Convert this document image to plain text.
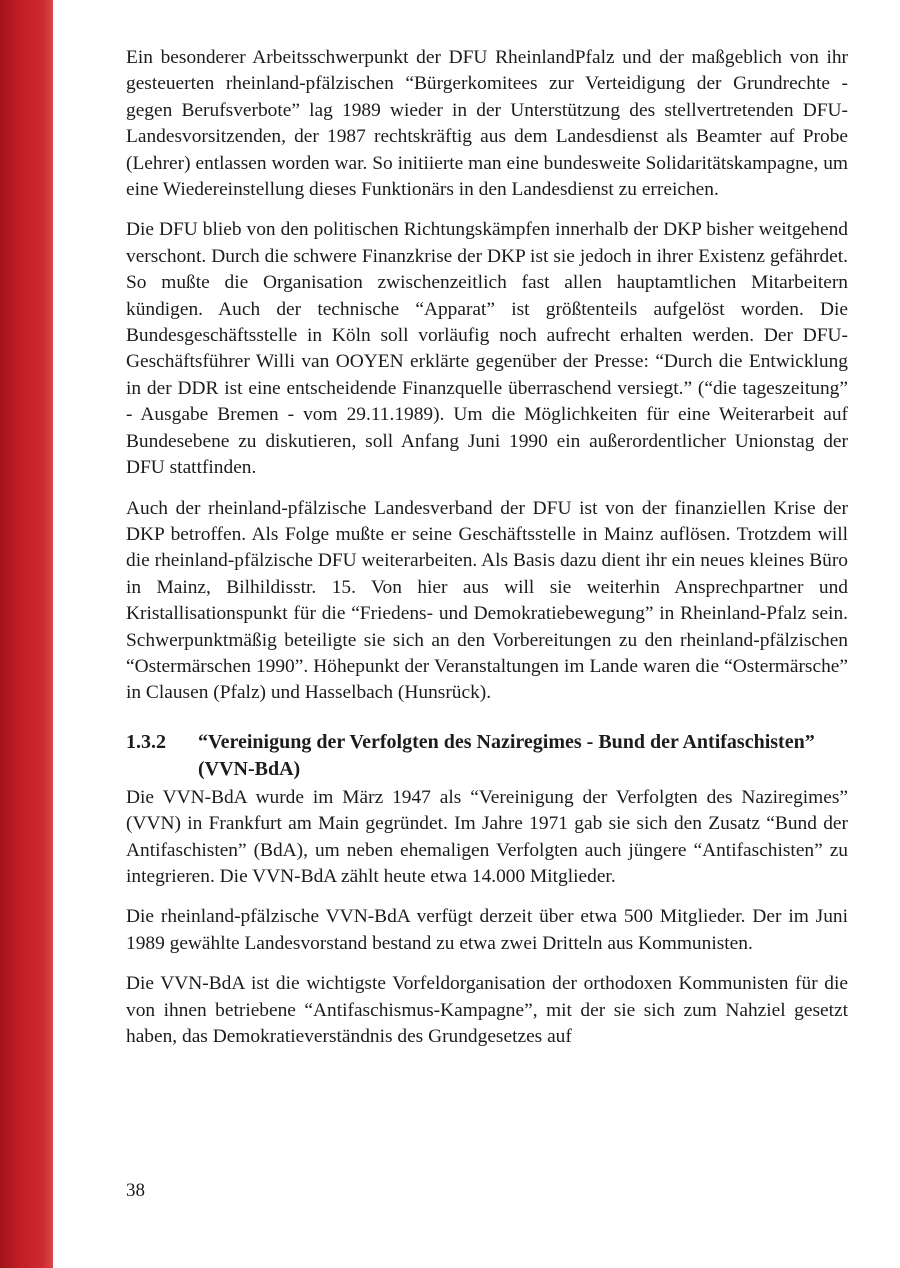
Ein besonderer Arbeitsschwerpunkt der DFU RheinlandPfalz und der maßgeblich von ihr gesteuerten rheinland-pfälzischen “Bürgerkomitees zur Verteidigung der Grundrechte - gegen Berufsverbote” lag 1989 wieder in der Unterstützung des stellvertretenden DFU-Landesvorsitzenden, der 1987 rechtskräftig aus dem Landesdienst als Beamter auf Probe (Lehrer) entlassen worden war. So initiierte man eine bundesweite Solidaritätskampagne, um eine Wiedereinstellung dieses Funktionärs in den Landesdienst zu erreichen.

Die DFU blieb von den politischen Richtungskämpfen innerhalb der DKP bisher weitgehend verschont. Durch die schwere Finanzkrise der DKP ist sie jedoch in ihrer Existenz gefährdet. So mußte die Organisation zwischenzeitlich fast allen hauptamtlichen Mitarbeitern kündigen. Auch der technische “Apparat” ist größtenteils aufgelöst worden. Die Bundesgeschäftsstelle in Köln soll vorläufig noch aufrecht erhalten werden. Der DFU-Geschäftsführer Willi van OOYEN erklärte gegenüber der Presse: “Durch die Entwicklung in der DDR ist eine entscheidende Finanzquelle überraschend versiegt.” (“die tageszeitung” - Ausgabe Bremen - vom 29.11.1989). Um die Möglichkeiten für eine Weiterarbeit auf Bundesebene zu diskutieren, soll Anfang Juni 1990 ein außerordentlicher Unionstag der DFU stattfinden.

Auch der rheinland-pfälzische Landesverband der DFU ist von der finanziellen Krise der DKP betroffen. Als Folge mußte er seine Geschäftsstelle in Mainz auflösen. Trotzdem will die rheinland-pfälzische DFU weiterarbeiten. Als Basis dazu dient ihr ein neues kleines Büro in Mainz, Bilhildisstr. 15. Von hier aus will sie weiterhin Ansprechpartner und Kristallisationspunkt für die “Friedens- und Demokratiebewegung” in Rheinland-Pfalz sein. Schwerpunktmäßig beteiligte sie sich an den Vorbereitungen zu den rheinland-pfälzischen “Ostermärschen 1990”. Höhepunkt der Veranstaltungen im Lande waren die “Ostermärsche” in Clausen (Pfalz) und Hasselbach (Hunsrück).

1.3.2	“Vereinigung der Verfolgten des Naziregimes - Bund der Antifaschisten” (VVN-BdA)

Die VVN-BdA wurde im März 1947 als “Vereinigung der Verfolgten des Naziregimes” (VVN) in Frankfurt am Main gegründet. Im Jahre 1971 gab sie sich den Zusatz “Bund der Antifaschisten” (BdA), um neben ehemaligen Verfolgten auch jüngere “Antifaschisten” zu integrieren. Die VVN-BdA zählt heute etwa 14.000 Mitglieder.

Die rheinland-pfälzische VVN-BdA verfügt derzeit über etwa 500 Mitglieder. Der im Juni 1989 gewählte Landesvorstand bestand zu etwa zwei Dritteln aus Kommunisten.

Die VVN-BdA ist die wichtigste Vorfeldorganisation der orthodoxen Kommunisten für die von ihnen betriebene “Antifaschismus-Kampagne”, mit der sie sich zum Nahziel gesetzt haben, das Demokratieverständnis des Grundgesetzes auf

38
